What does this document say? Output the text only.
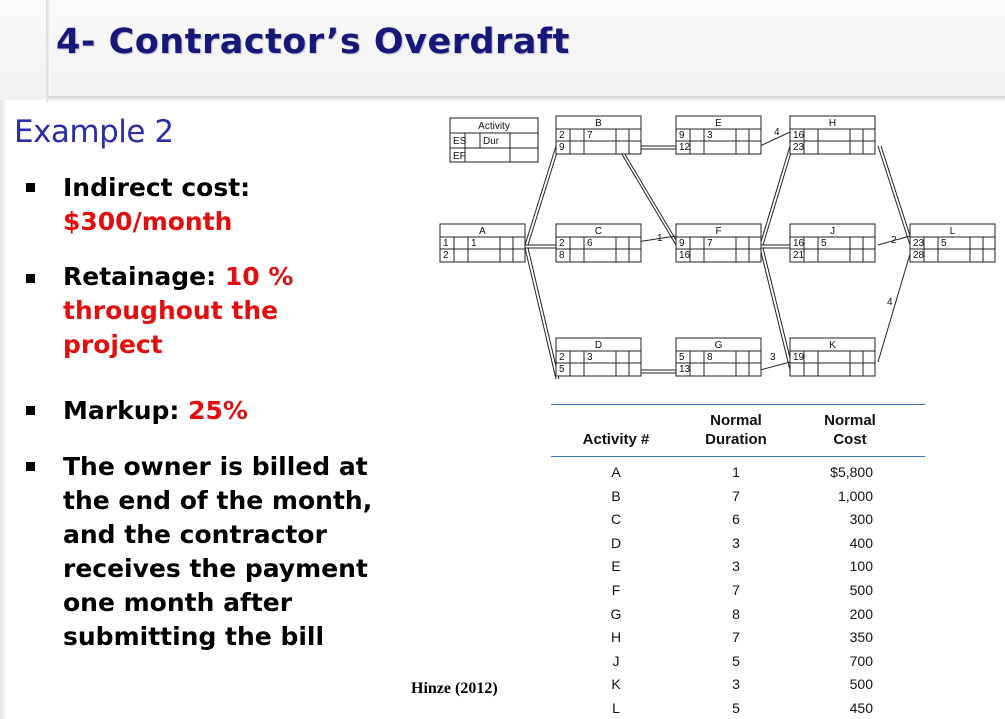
4- Contractor’s Overdraft
Example 2

Indirect cost:
$300/month

Retainage: 10 %
throughout the
project

Markup: 25%

The owner is billed at
the end of the month,
and the contractor
receives the payment
one month after
submitting the bill

Hinze (2012)
4
1
3
2
4
A
1 1
2
B
2 7
9
C
2 6
8
D
2 3
5
E
9 3
12
F
9 7
16
G
5 8
13
H
16
23
J
16 5
21
K
19
L
23 5
28
Activity
ES Dur
EF
Activity #
Normal
Duration
Normal
Cost
A	1	$5,800
B	7	1,000
C	6	300
D	3	400
E	3	100
F	7	500
G	8	200
H	7	350
J	5	700
K	3	500
L	5	450
